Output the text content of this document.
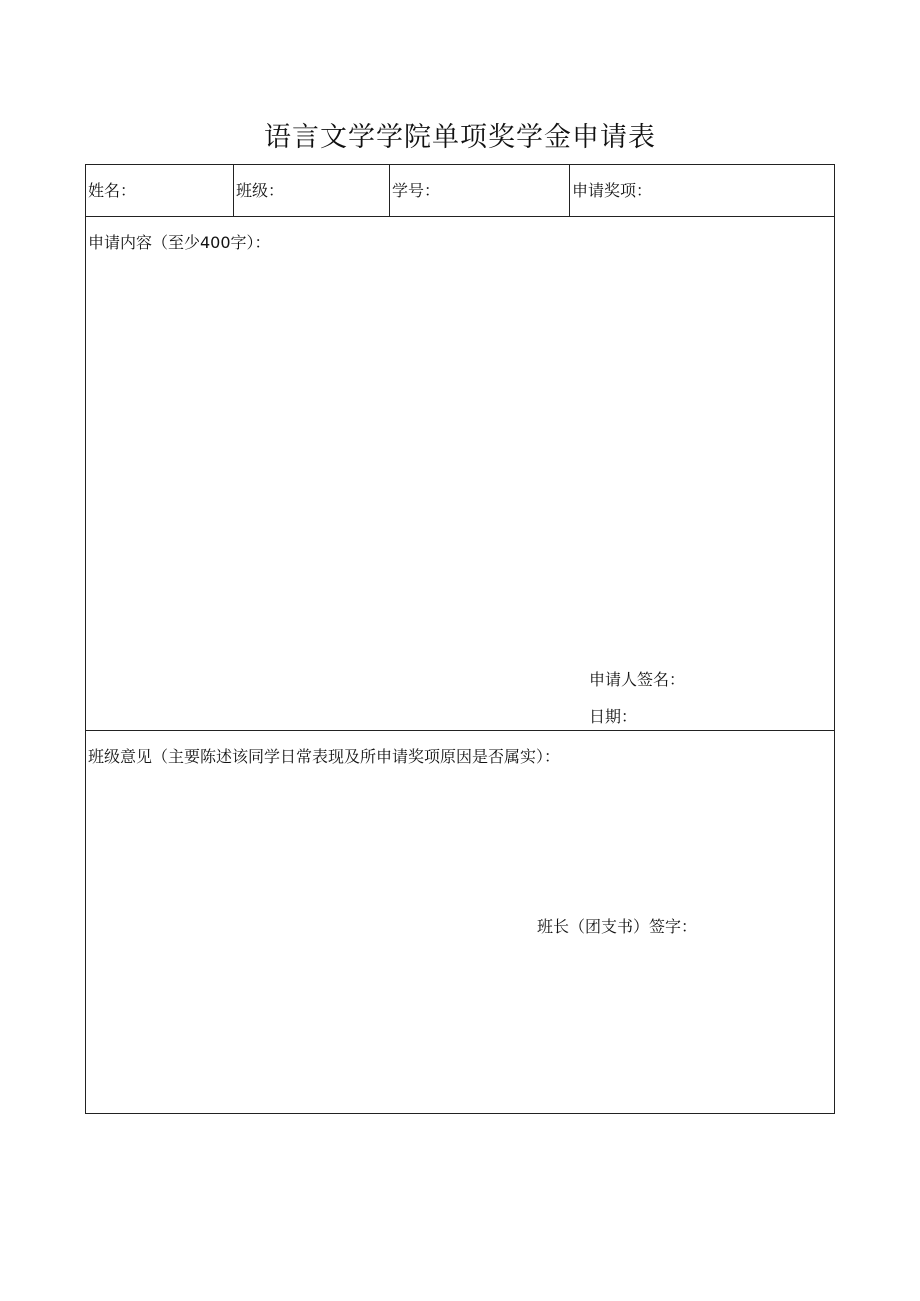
语言文学学院单项奖学金申请表
姓名：	班级：	学号：	申请奖项：
申请内容（至少400字）：
申请人签名：
日期：
班级意见（主要陈述该同学日常表现及所申请奖项原因是否属实）：
班长（团支书）签字：
